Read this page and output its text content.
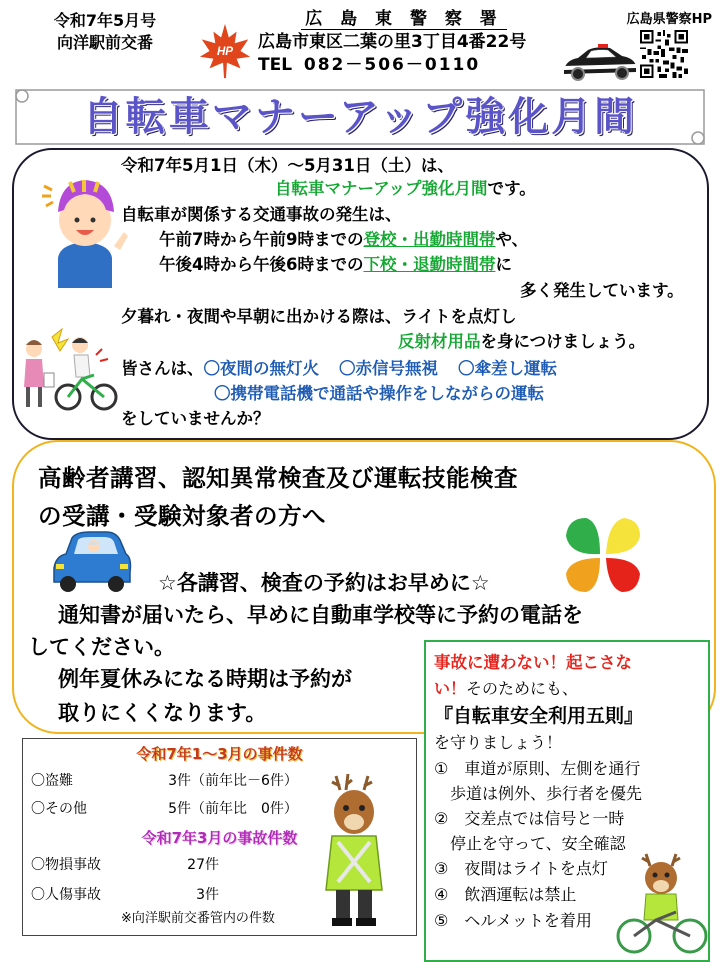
令和7年5月号
向洋駅前交番	HP
広 島 東 警 察 署
広島市東区二葉の里3丁目4番22号
TEL 082－506－0110
広島県警察HP
自転車マナーアップ強化月間
令和7年5月1日（木）～5月31日（土）は、
自転車マナーアップ強化月間です。
自転車が関係する交通事故の発生は、
午前7時から午前9時までの登校・出勤時間帯や、
午後4時から午後6時までの下校・退勤時間帯に
多く発生しています。
夕暮れ・夜間や早朝に出かける際は、ライトを点灯し
反射材用品を身につけましょう。
皆さんは、〇夜間の無灯火 〇赤信号無視 〇傘差し運転
〇携帯電話機で通話や操作をしながらの運転
をしていませんか？
高齢者講習、認知異常検査及び運転技能検査
の受講・受験対象者の方へ
☆各講習、検査の予約はお早めに☆
通知書が届いたら、早めに自動車学校等に予約の電話を
してください。
例年夏休みになる時期は予約が
取りにくくなります。
令和7年1～3月の事件数
〇盗難	3件（前年比－6件）
〇その他	5件（前年比　0件）
令和7年3月の事故件数
〇物損事故	27件
〇人傷事故	3件
※向洋駅前交番管内の件数
事故に遭わない！起こさな
い！そのためにも、
『自転車安全利用五則』
を守りましょう！
①　車道が原則、左側を通行
　歩道は例外、歩行者を優先
②　交差点では信号と一時
　停止を守って、安全確認
③　夜間はライトを点灯
④　飲酒運転は禁止
⑤　ヘルメットを着用
